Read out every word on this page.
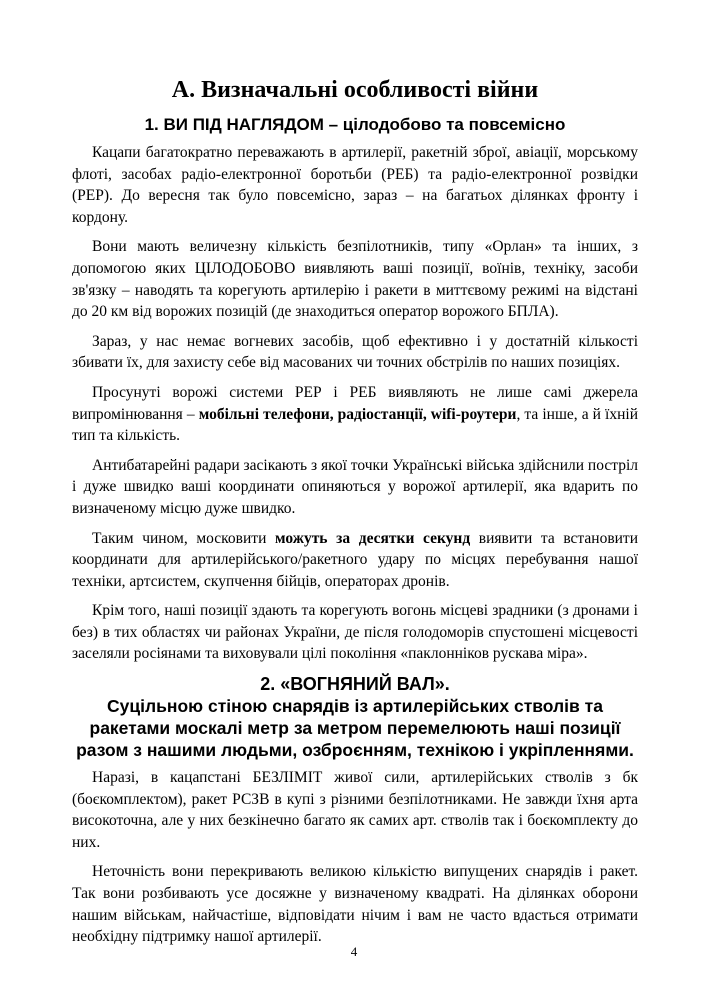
А. Визначальні особливості війни
1. ВИ ПІД НАГЛЯДОМ – цілодобово та повсемісно

Кацапи багатократно переважають в артилерії, ракетній зброї, авіації, морському флоті, засобах радіо-електронної боротьби (РЕБ) та радіо-електронної розвідки (РЕР). До вересня так було повсемісно, зараз – на багатьох ділянках фронту і кордону.

Вони мають величезну кількість безпілотників, типу «Орлан» та інших, з допомогою яких ЦІЛОДОБОВО виявляють ваші позиції, воїнів, техніку, засоби зв'язку – наводять та корегують артилерію і ракети в миттєвому режимі на відстані до 20 км від ворожих позицій (де знаходиться оператор ворожого БПЛА).

Зараз, у нас немає вогневих засобів, щоб ефективно і у достатній кількості збивати їх, для захисту себе від масованих чи точних обстрілів по наших позиціях.

Просунуті ворожі системи РЕР і РЕБ виявляють не лише самі джерела випромінювання – мобільні телефони, радіостанції, wifi-роутери, та інше, а й їхній тип та кількість.

Антибатарейні радари засікають з якої точки Українські війська здійснили постріл і дуже швидко ваші координати опиняються у ворожої артилерії, яка вдарить по визначеному місцю дуже швидко.

Таким чином, московити можуть за десятки секунд виявити та встановити координати для артилерійського/ракетного удару по місцях перебування нашої техніки, артсистем, скупчення бійців, операторах дронів.

Крім того, наші позиції здають та корегують вогонь місцеві зрадники (з дронами і без) в тих областях чи районах України, де після голодоморів спустошені місцевості заселяли росіянами та виховували цілі покоління «паклонніков рускава міра».

2. «ВОГНЯНИЙ ВАЛ».
Суцільною стіною снарядів із артилерійських стволів та ракетами москалі метр за метром перемелюють наші позиції разом з нашими людьми, озброєнням, технікою і укріпленнями.

Наразі, в кацапстані БЕЗЛІМІТ живої сили, артилерійських стволів з бк (боєкомплектом), ракет РСЗВ в купі з різними безпілотниками. Не завжди їхня арта високоточна, але у них безкінечно багато як самих арт. стволів так і боєкомплекту до них.

Неточність вони перекривають великою кількістю випущених снарядів і ракет. Так вони розбивають усе досяжне у визначеному квадраті. На ділянках оборони нашим військам, найчастіше, відповідати нічим і вам не часто вдасться отримати необхідну підтримку нашої артилерії.

4
